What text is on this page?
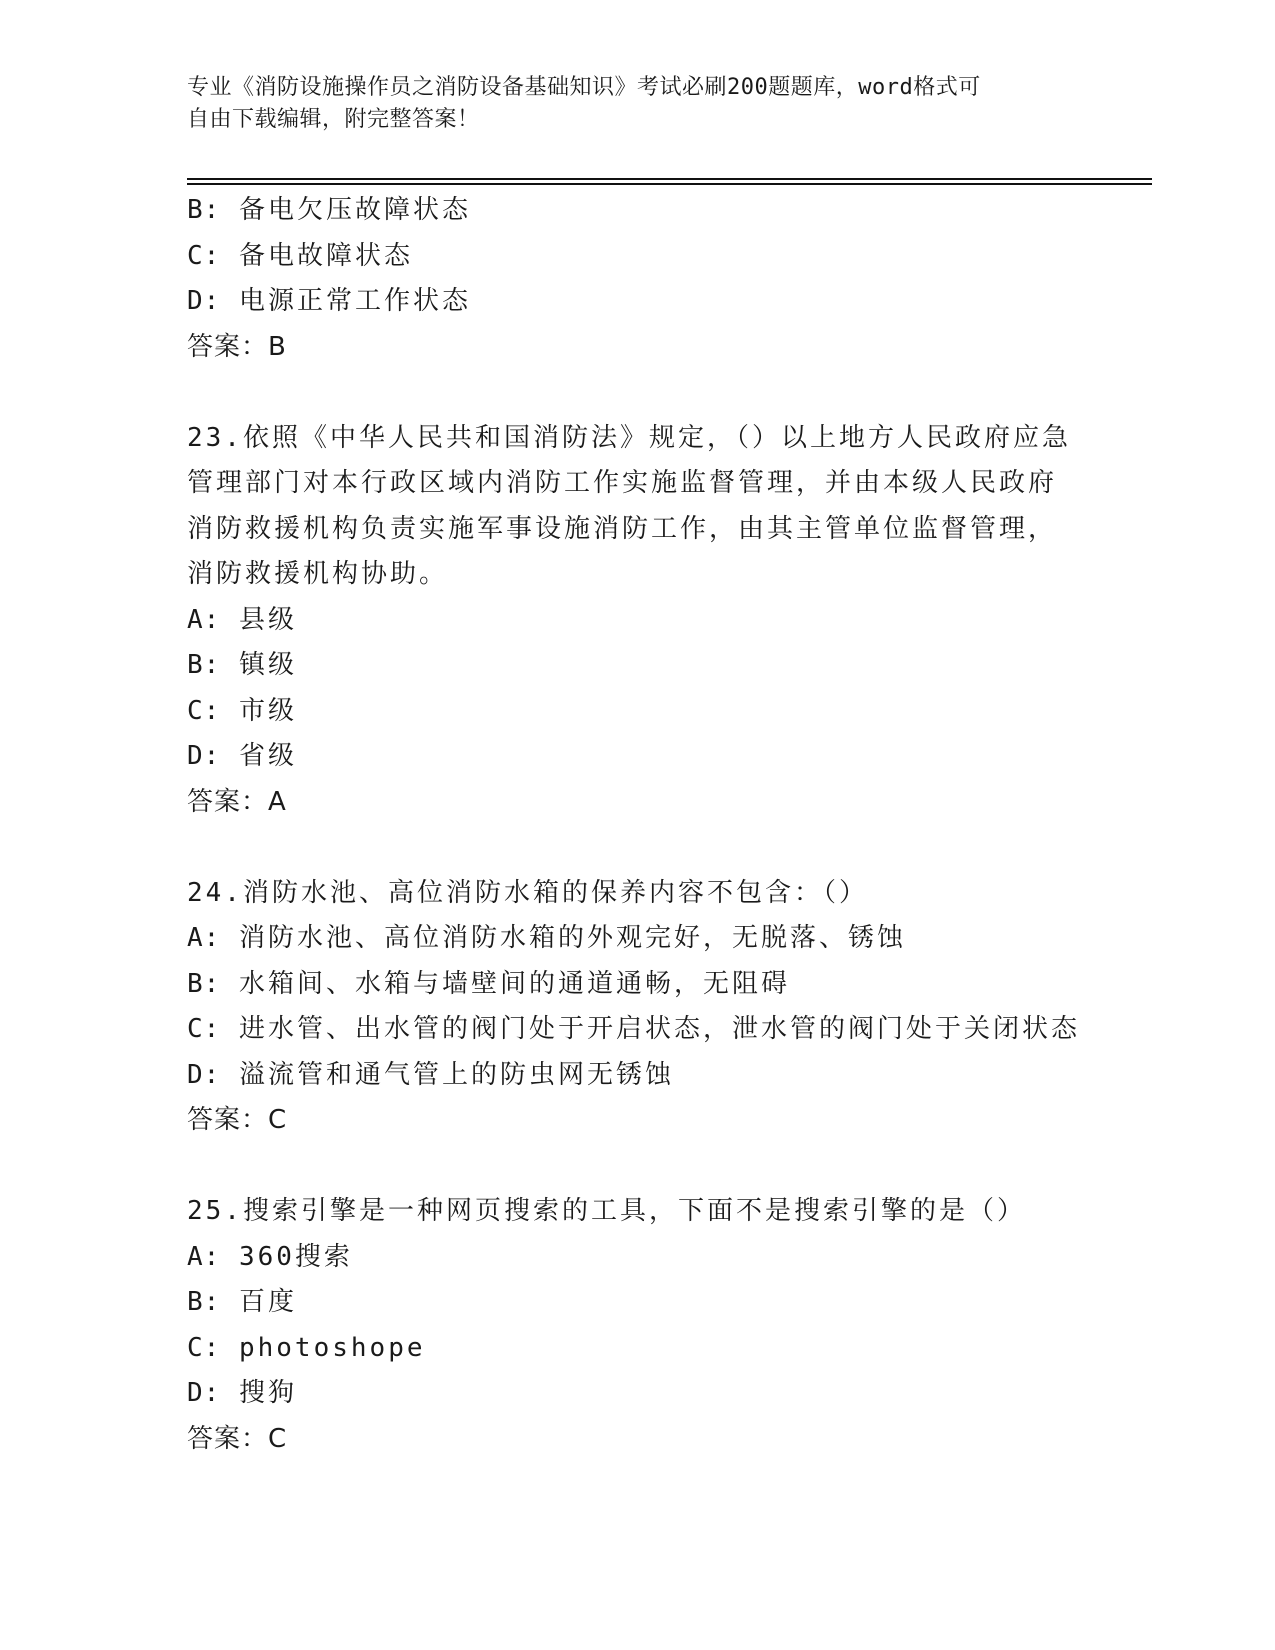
专业《消防设施操作员之消防设备基础知识》考试必刷200题题库，word格式可
自由下载编辑，附完整答案！
B: 备电欠压故障状态
C: 备电故障状态
D: 电源正常工作状态
答案：B
23.依照《中华人民共和国消防法》规定，（）以上地方人民政府应急
管理部门对本行政区域内消防工作实施监督管理，并由本级人民政府
消防救援机构负责实施军事设施消防工作，由其主管单位监督管理，
消防救援机构协助。
A: 县级
B: 镇级
C: 市级
D: 省级
答案：A
24.消防水池、高位消防水箱的保养内容不包含：（）
A: 消防水池、高位消防水箱的外观完好，无脱落、锈蚀
B: 水箱间、水箱与墙壁间的通道通畅，无阻碍
C: 进水管、出水管的阀门处于开启状态，泄水管的阀门处于关闭状态
D: 溢流管和通气管上的防虫网无锈蚀
答案：C
25.搜索引擎是一种网页搜索的工具，下面不是搜索引擎的是（）
A: 360搜索
B: 百度
C: photoshope
D: 搜狗
答案：C
